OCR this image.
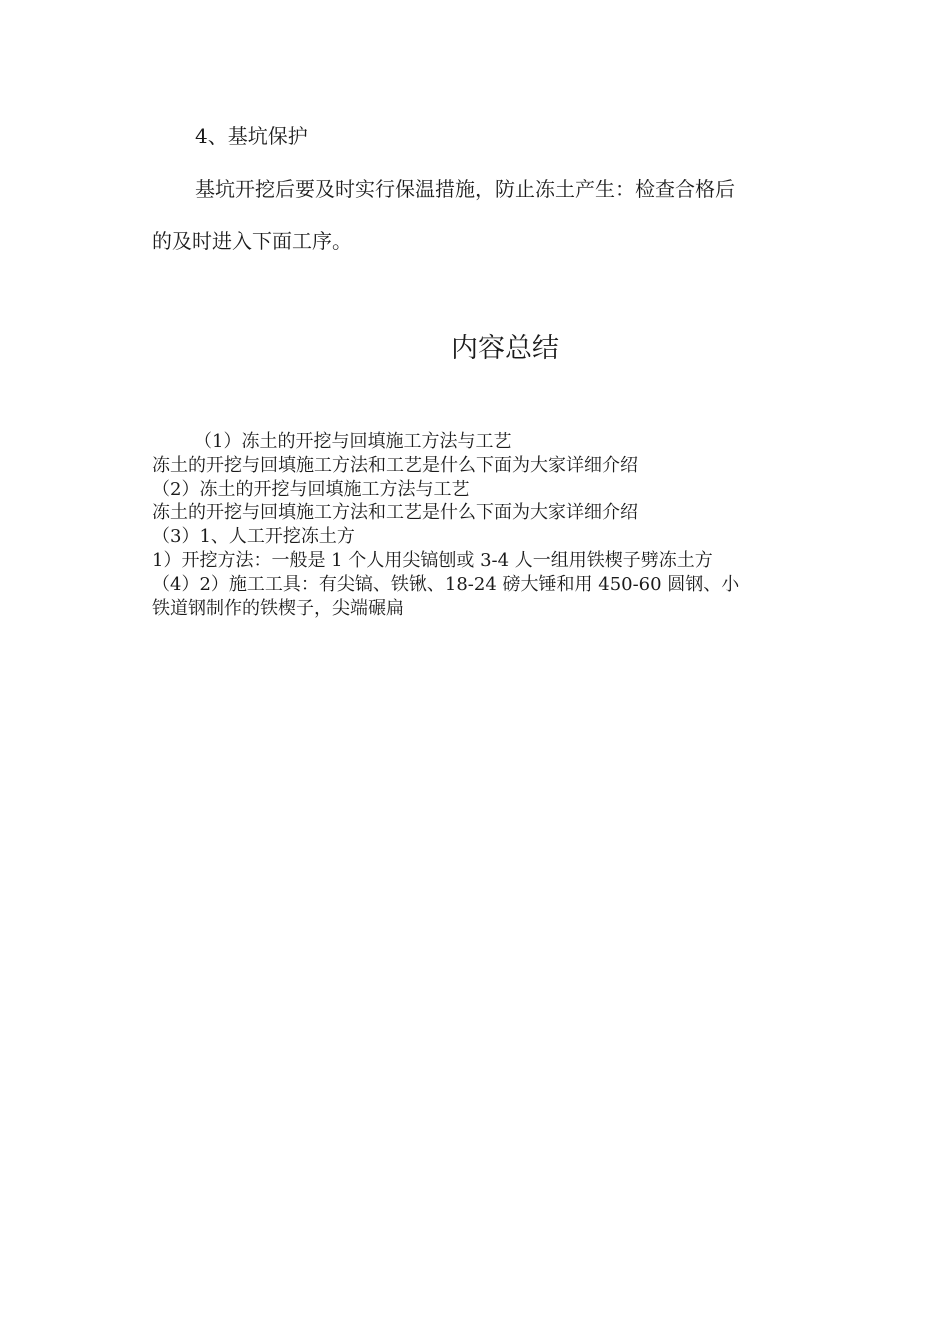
4、基坑保护
基坑开挖后要及时实行保温措施，防止冻土产生：检查合格后
的及时进入下面工序。
内容总结
（1）冻土的开挖与回填施工方法与工艺
冻土的开挖与回填施工方法和工艺是什么下面为大家详细介绍
（2）冻土的开挖与回填施工方法与工艺
冻土的开挖与回填施工方法和工艺是什么下面为大家详细介绍
（3）1、人工开挖冻土方
1）开挖方法：一般是 1 个人用尖镐刨或 3-4 人一组用铁楔子劈冻土方
（4）2）施工工具：有尖镐、铁锹、18-24 磅大锤和用 450-60 圆钢、小
铁道钢制作的铁楔子，尖端碾扁
